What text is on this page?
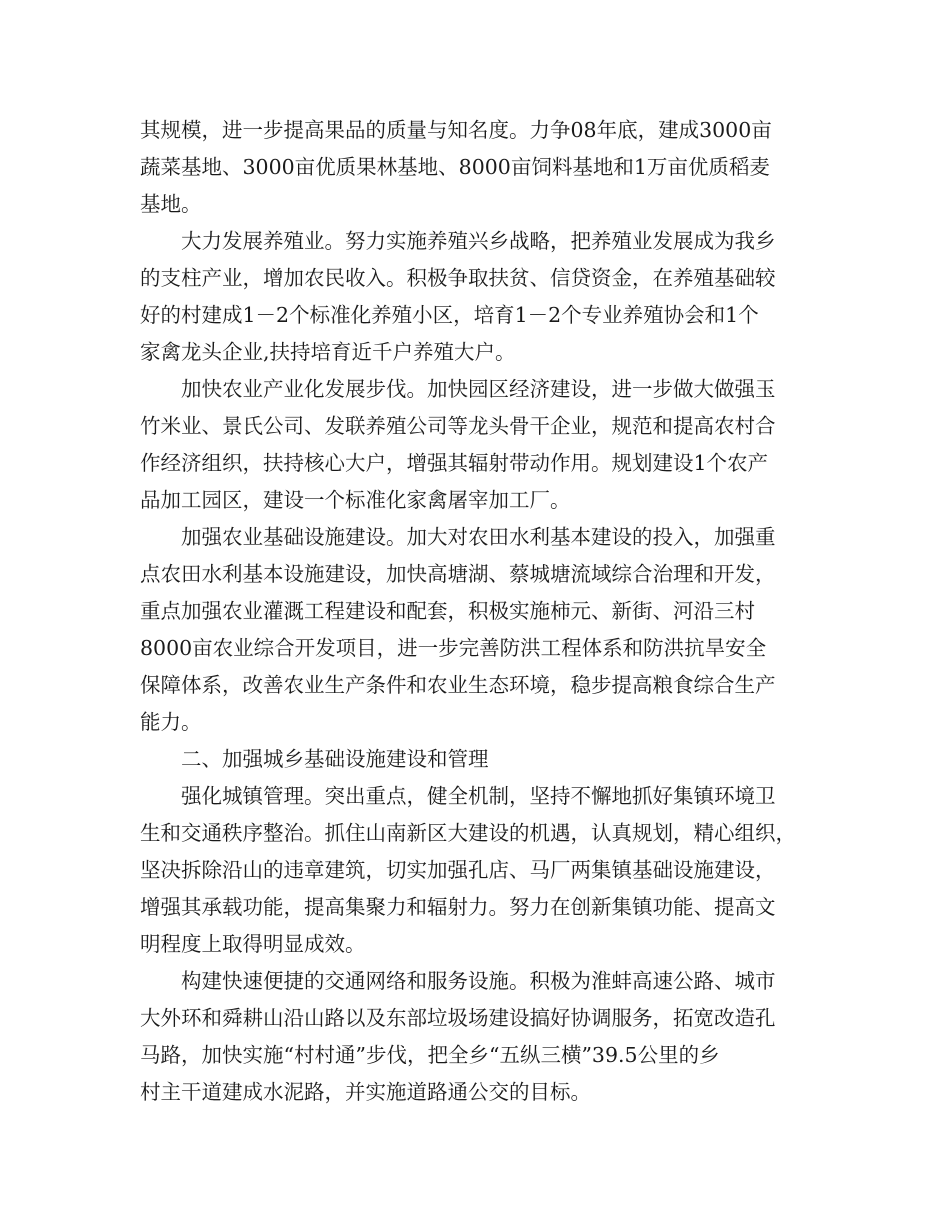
其规模，进一步提高果品的质量与知名度。力争08年底，建成3000亩
蔬菜基地、3000亩优质果林基地、8000亩饲料基地和1万亩优质稻麦
基地。
大力发展养殖业。努力实施养殖兴乡战略，把养殖业发展成为我乡
的支柱产业，增加农民收入。积极争取扶贫、信贷资金，在养殖基础较
好的村建成1－2个标准化养殖小区，培育1－2个专业养殖协会和1个
家禽龙头企业,扶持培育近千户养殖大户。
加快农业产业化发展步伐。加快园区经济建设，进一步做大做强玉
竹米业、景氏公司、发联养殖公司等龙头骨干企业，规范和提高农村合
作经济组织，扶持核心大户，增强其辐射带动作用。规划建设1个农产
品加工园区，建设一个标准化家禽屠宰加工厂。
加强农业基础设施建设。加大对农田水利基本建设的投入，加强重
点农田水利基本设施建设，加快高塘湖、蔡城塘流域综合治理和开发，
重点加强农业灌溉工程建设和配套，积极实施柿元、新街、河沿三村
8000亩农业综合开发项目，进一步完善防洪工程体系和防洪抗旱安全
保障体系，改善农业生产条件和农业生态环境，稳步提高粮食综合生产
能力。
二、加强城乡基础设施建设和管理
强化城镇管理。突出重点，健全机制，坚持不懈地抓好集镇环境卫
生和交通秩序整治。抓住山南新区大建设的机遇，认真规划，精心组织，
坚决拆除沿山的违章建筑，切实加强孔店、马厂两集镇基础设施建设，
增强其承载功能，提高集聚力和辐射力。努力在创新集镇功能、提高文
明程度上取得明显成效。
构建快速便捷的交通网络和服务设施。积极为淮蚌高速公路、城市
大外环和舜耕山沿山路以及东部垃圾场建设搞好协调服务，拓宽改造孔
马路，加快实施“村村通”步伐，把全乡“五纵三横”39.5公里的乡
村主干道建成水泥路，并实施道路通公交的目标。
